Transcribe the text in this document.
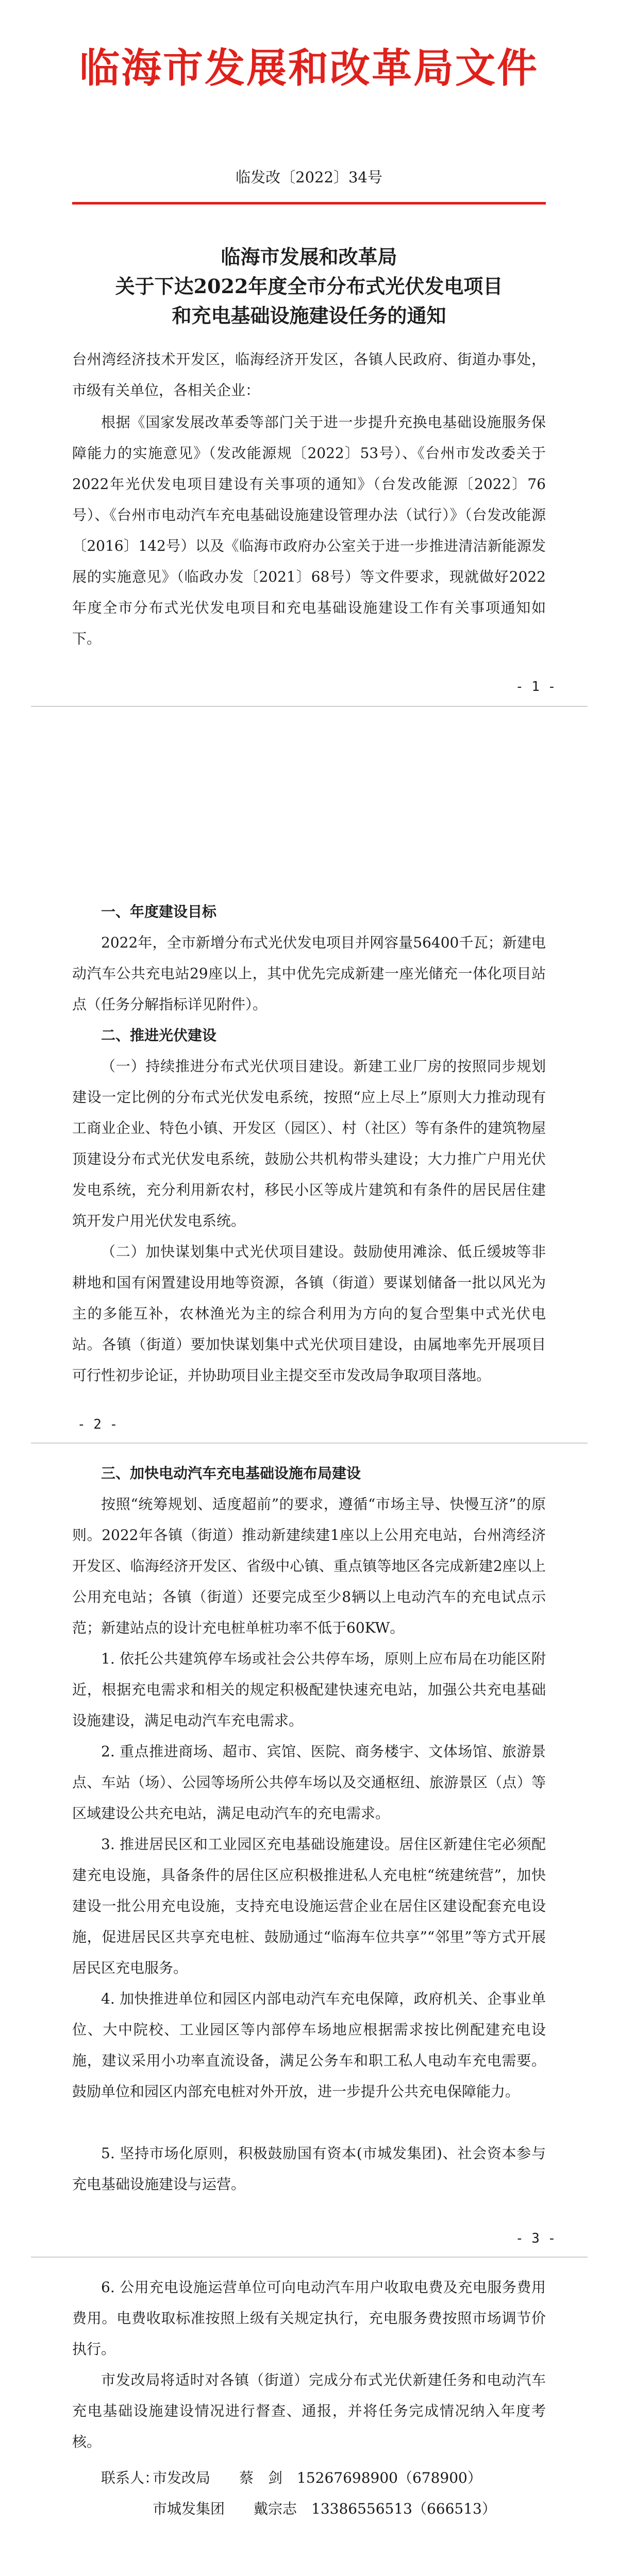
临海市发展和改革局文件
临发改〔2022〕34号
临海市发展和改革局
关于下达2022年度全市分布式光伏发电项目
和充电基础设施建设任务的通知
台州湾经济技术开发区，临海经济开发区，各镇人民政府、街道办事处，市级有关单位，各相关企业：
根据《国家发展改革委等部门关于进一步提升充换电基础设施服务保障能力的实施意见》（发改能源规〔2022〕53号）、《台州市发改委关于2022年光伏发电项目建设有关事项的通知》（台发改能源〔2022〕76号）、《台州市电动汽车充电基础设施建设管理办法（试行）》（台发改能源〔2016〕142号）以及《临海市政府办公室关于进一步推进清洁新能源发展的实施意见》（临政办发〔2021〕68号）等文件要求，现就做好2022年度全市分布式光伏发电项目和充电基础设施建设工作有关事项通知如下。
- 1 -
一、年度建设目标
2022年，全市新增分布式光伏发电项目并网容量56400千瓦；新建电动汽车公共充电站29座以上，其中优先完成新建一座光储充一体化项目站点（任务分解指标详见附件）。
二、推进光伏建设
（一）持续推进分布式光伏项目建设。新建工业厂房的按照同步规划建设一定比例的分布式光伏发电系统，按照“应上尽上”原则大力推动现有工商业企业、特色小镇、开发区（园区）、村（社区）等有条件的建筑物屋顶建设分布式光伏发电系统，鼓励公共机构带头建设；大力推广户用光伏发电系统，充分利用新农村，移民小区等成片建筑和有条件的居民居住建筑开发户用光伏发电系统。
（二）加快谋划集中式光伏项目建设。鼓励使用滩涂、低丘缓坡等非耕地和国有闲置建设用地等资源，各镇（街道）要谋划储备一批以风光为主的多能互补，农林渔光为主的综合利用为方向的复合型集中式光伏电站。各镇（街道）要加快谋划集中式光伏项目建设，由属地率先开展项目可行性初步论证，并协助项目业主提交至市发改局争取项目落地。
- 2 -
三、加快电动汽车充电基础设施布局建设
按照“统筹规划、适度超前”的要求，遵循“市场主导、快慢互济”的原则。2022年各镇（街道）推动新建续建1座以上公用充电站，台州湾经济开发区、临海经济开发区、省级中心镇、重点镇等地区各完成新建2座以上公用充电站；各镇（街道）还要完成至少8辆以上电动汽车的充电试点示范；新建站点的设计充电桩单桩功率不低于60KW。
1. 依托公共建筑停车场或社会公共停车场，原则上应布局在功能区附近，根据充电需求和相关的规定积极配建快速充电站，加强公共充电基础设施建设，满足电动汽车充电需求。
2. 重点推进商场、超市、宾馆、医院、商务楼宇、文体场馆、旅游景点、车站（场）、公园等场所公共停车场以及交通枢纽、旅游景区（点）等区域建设公共充电站，满足电动汽车的充电需求。
3. 推进居民区和工业园区充电基础设施建设。居住区新建住宅必须配建充电设施，具备条件的居住区应积极推进私人充电桩“统建统营”，加快建设一批公用充电设施，支持充电设施运营企业在居住区建设配套充电设施，促进居民区共享充电桩、鼓励通过“临海车位共享”“邻里”等方式开展居民区充电服务。
4. 加快推进单位和园区内部电动汽车充电保障，政府机关、企事业单位、大中院校、工业园区等内部停车场地应根据需求按比例配建充电设施，建议采用小功率直流设备，满足公务车和职工私人电动车充电需要。鼓励单位和园区内部充电桩对外开放，进一步提升公共充电保障能力。
5. 坚持市场化原则，积极鼓励国有资本(市城发集团)、社会资本参与充电基础设施建设与运营。
- 3 -
6. 公用充电设施运营单位可向电动汽车用户收取电费及充电服务费用费用。电费收取标准按照上级有关规定执行，充电服务费按照市场调节价执行。
市发改局将适时对各镇（街道）完成分布式光伏新建任务和电动汽车充电基础设施建设情况进行督查、通报，并将任务完成情况纳入年度考核。
联系人：
市发改局　　蔡　剑　15267698900（678900）
市城发集团　　戴宗志　13386556513（666513）
